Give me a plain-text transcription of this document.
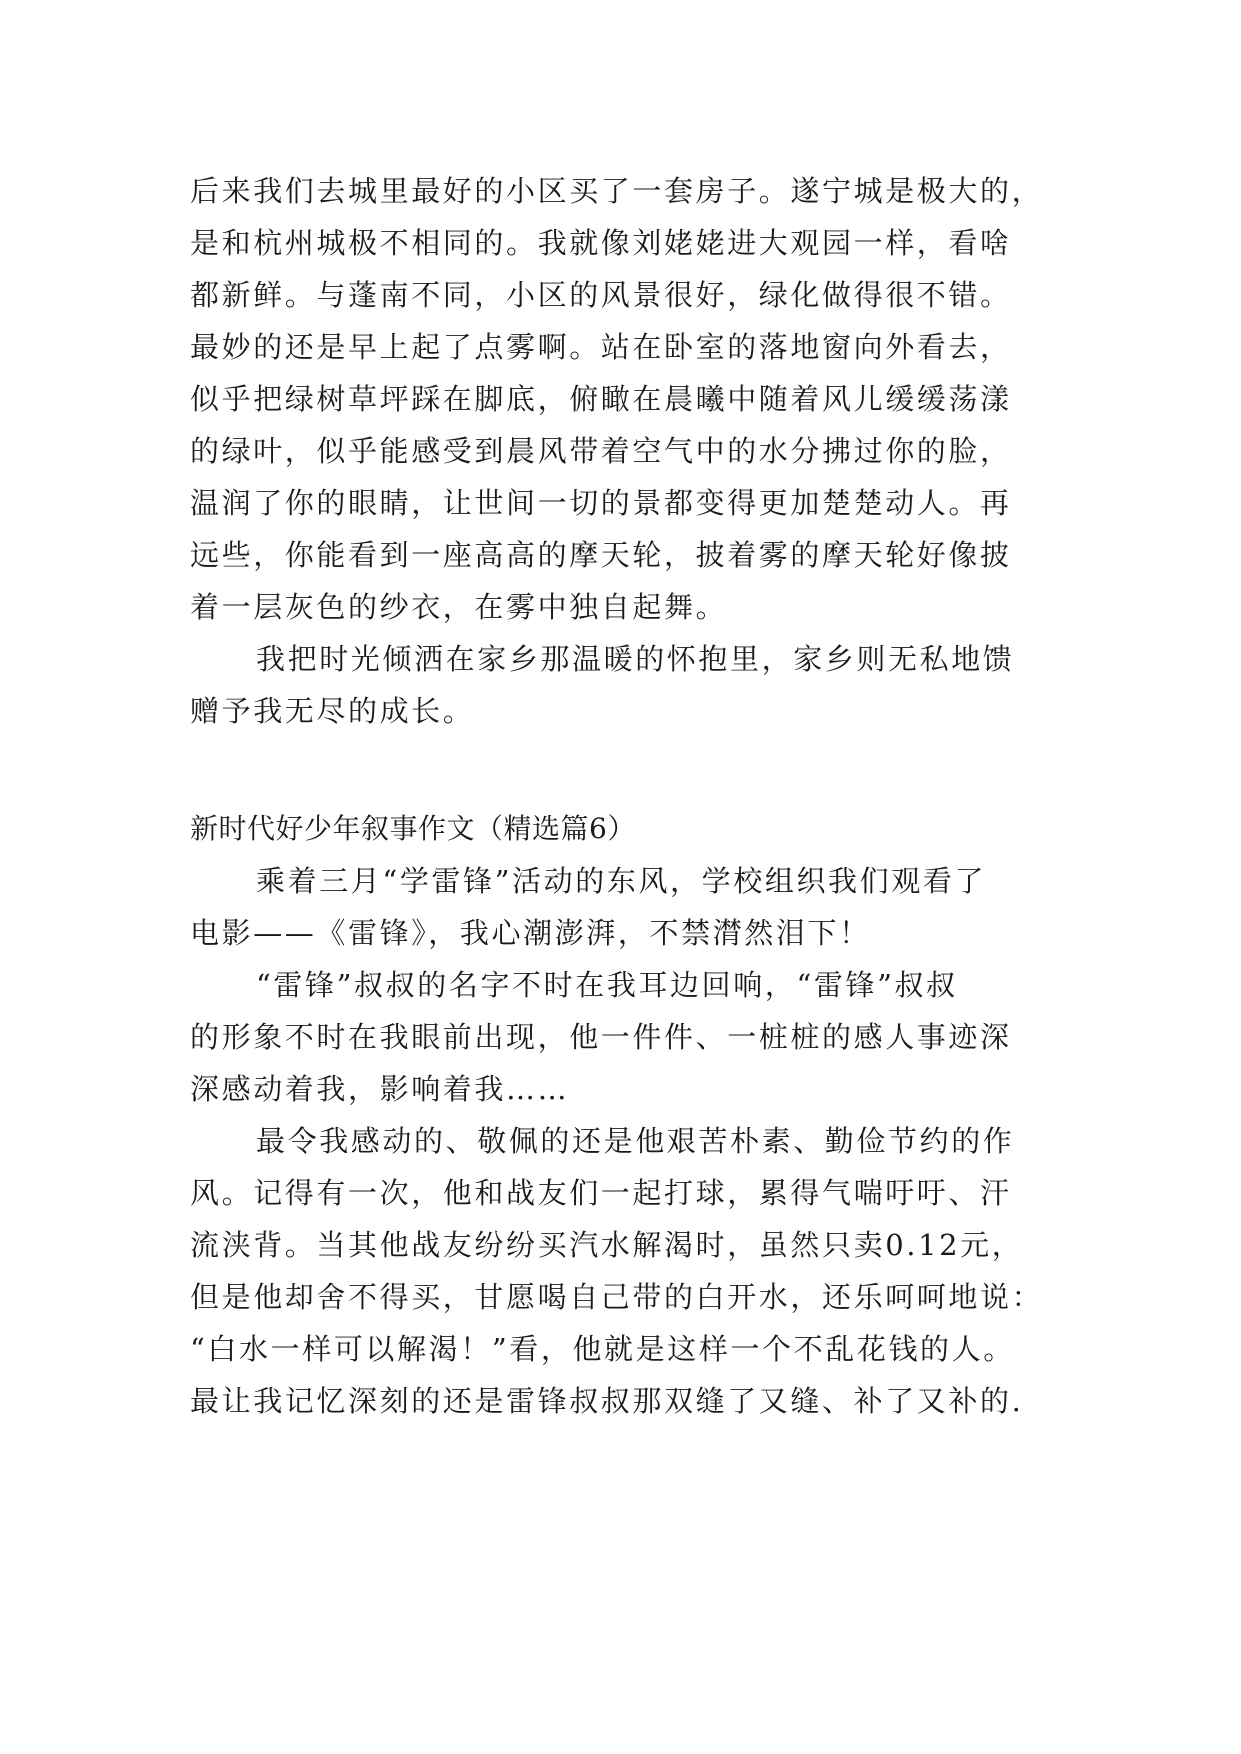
后来我们去城里最好的小区买了一套房子。遂宁城是极大的，
是和杭州城极不相同的。我就像刘姥姥进大观园一样，看啥
都新鲜。与蓬南不同，小区的风景很好，绿化做得很不错。
最妙的还是早上起了点雾啊。站在卧室的落地窗向外看去，
似乎把绿树草坪踩在脚底，俯瞰在晨曦中随着风儿缓缓荡漾
的绿叶，似乎能感受到晨风带着空气中的水分拂过你的脸，
温润了你的眼睛，让世间一切的景都变得更加楚楚动人。再
远些，你能看到一座高高的摩天轮，披着雾的摩天轮好像披
着一层灰色的纱衣，在雾中独自起舞。
我把时光倾洒在家乡那温暖的怀抱里，家乡则无私地馈
赠予我无尽的成长。
新时代好少年叙事作文（精选篇6）
乘着三月“学雷锋”活动的东风，学校组织我们观看了
电影——《雷锋》，我心潮澎湃，不禁潸然泪下！
“雷锋”叔叔的名字不时在我耳边回响，“雷锋”叔叔
的形象不时在我眼前出现，他一件件、一桩桩的感人事迹深
深感动着我，影响着我……
最令我感动的、敬佩的还是他艰苦朴素、勤俭节约的作
风。记得有一次，他和战友们一起打球，累得气喘吁吁、汗
流浃背。当其他战友纷纷买汽水解渴时，虽然只卖0.12元，
但是他却舍不得买，甘愿喝自己带的白开水，还乐呵呵地说：
“白水一样可以解渴！”看，他就是这样一个不乱花钱的人。
最让我记忆深刻的还是雷锋叔叔那双缝了又缝、补了又补的.
